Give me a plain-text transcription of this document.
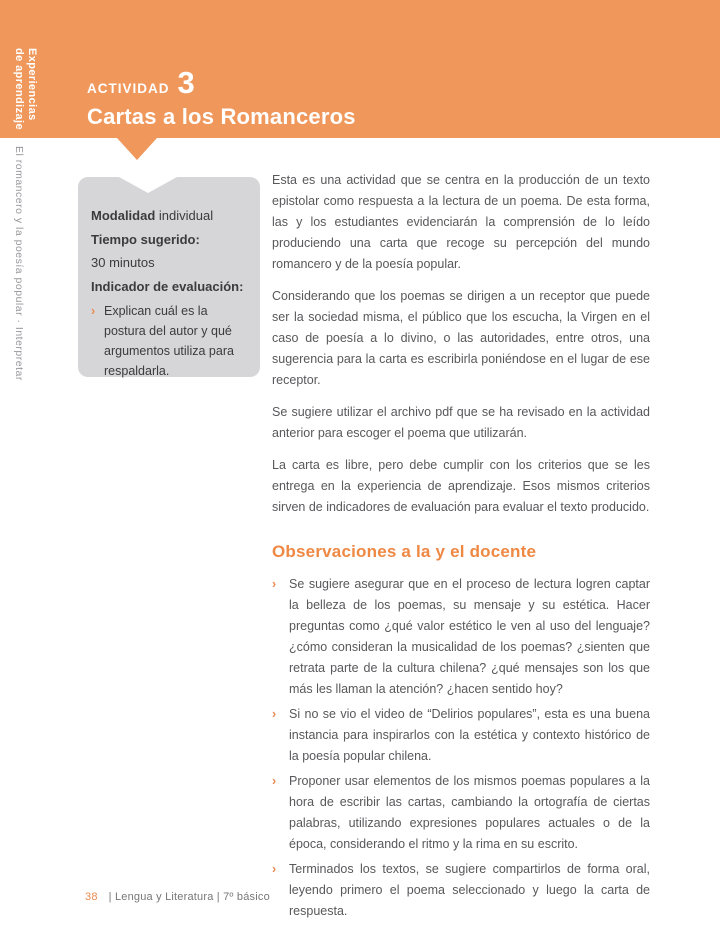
Experiencias
de aprendizaje	ACTIVIDAD 3
Cartas a los Romanceros
El romancero y la poesía popular · Interpretar	Modalidad individual
Tiempo sugerido:
30 minutos
Indicador de evaluación:
› Explican cuál es la postura del autor y qué argumentos utiliza para respaldarla.

Esta es una actividad que se centra en la producción de un texto epistolar como respuesta a la lectura de un poema. De esta forma, las y los estudiantes evidenciarán la comprensión de lo leído produciendo una carta que recoge su percepción del mundo romancero y de la poesía popular.

Considerando que los poemas se dirigen a un receptor que puede ser la sociedad misma, el público que los escucha, la Virgen en el caso de poesía a lo divino, o las autoridades, entre otros, una sugerencia para la carta es escribirla poniéndose en el lugar de ese receptor.

Se sugiere utilizar el archivo pdf que se ha revisado en la actividad anterior para escoger el poema que utilizarán.

La carta es libre, pero debe cumplir con los criterios que se les entrega en la experiencia de aprendizaje. Esos mismos criterios sirven de indicadores de evaluación para evaluar el texto producido.

Observaciones a la y el docente
›	Se sugiere asegurar que en el proceso de lectura logren captar la belleza de los poemas, su mensaje y su estética. Hacer preguntas como ¿qué valor estético le ven al uso del lenguaje? ¿cómo consideran la musicalidad de los poemas? ¿sienten que retrata parte de la cultura chilena? ¿qué mensajes son los que más les llaman la atención? ¿hacen sentido hoy?
›	Si no se vio el video de “Delirios populares”, esta es una buena instancia para inspirarlos con la estética y contexto histórico de la poesía popular chilena.
›	Proponer usar elementos de los mismos poemas populares a la hora de escribir las cartas, cambiando la ortografía de ciertas palabras, utilizando expresiones populares actuales o de la época, considerando el ritmo y la rima en su escrito.
›	Terminados los textos, se sugiere compartirlos de forma oral, leyendo primero el poema seleccionado y luego la carta de respuesta.
38 | Lengua y Literatura | 7º básico
